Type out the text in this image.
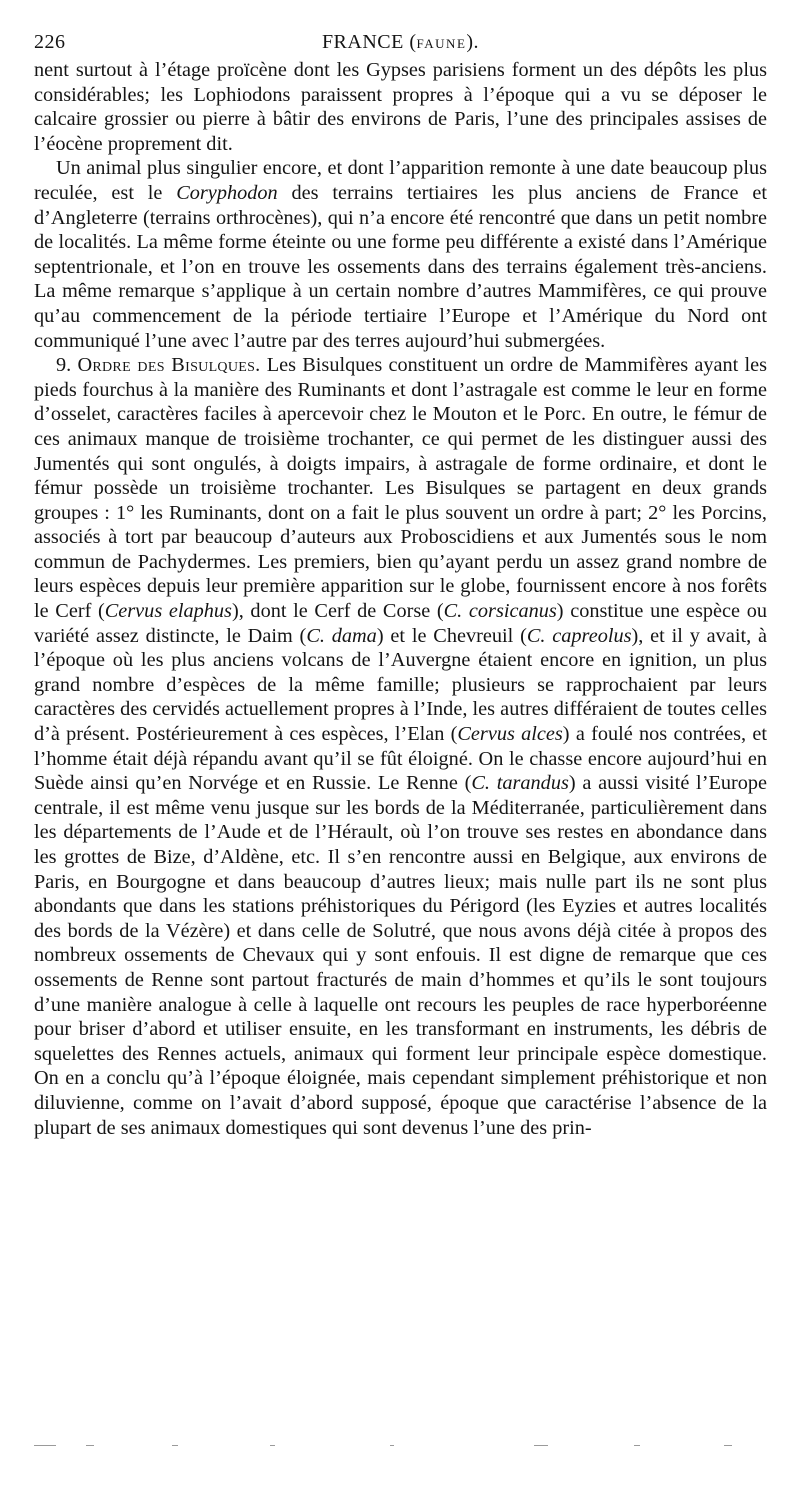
226	FRANCE (FAUNE).

nent surtout à l’étage proïcène dont les Gypses parisiens forment un des dépôts les plus considérables; les Lophiodons paraissent propres à l’époque qui a vu se déposer le calcaire grossier ou pierre à bâtir des environs de Paris, l’une des principales assises de l’éocène proprement dit.

Un animal plus singulier encore, et dont l’apparition remonte à une date beaucoup plus reculée, est le Coryphodon des terrains tertiaires les plus anciens de France et d’Angleterre (terrains orthrocènes), qui n’a encore été rencontré que dans un petit nombre de localités. La même forme éteinte ou une forme peu différente a existé dans l’Amérique septentrionale, et l’on en trouve les ossements dans des terrains également très-anciens. La même remarque s’applique à un certain nombre d’autres Mammifères, ce qui prouve qu’au commencement de la période tertiaire l’Europe et l’Amérique du Nord ont communiqué l’une avec l’autre par des terres aujourd’hui submergées.

9. Ordre des Bisulques. Les Bisulques constituent un ordre de Mammifères ayant les pieds fourchus à la manière des Ruminants et dont l’astragale est comme le leur en forme d’osselet, caractères faciles à apercevoir chez le Mouton et le Porc. En outre, le fémur de ces animaux manque de troisième trochanter, ce qui permet de les distinguer aussi des Jumentés qui sont ongulés, à doigts impairs, à astragale de forme ordinaire, et dont le fémur possède un troisième trochanter. Les Bisulques se partagent en deux grands groupes : 1° les Ruminants, dont on a fait le plus souvent un ordre à part; 2° les Porcins, associés à tort par beaucoup d’auteurs aux Proboscidiens et aux Jumentés sous le nom commun de Pachydermes. Les premiers, bien qu’ayant perdu un assez grand nombre de leurs espèces depuis leur première apparition sur le globe, fournissent encore à nos forêts le Cerf (Cervus elaphus), dont le Cerf de Corse (C. corsicanus) constitue une espèce ou variété assez distincte, le Daim (C. dama) et le Chevreuil (C. capreolus), et il y avait, à l’époque où les plus anciens volcans de l’Auvergne étaient encore en ignition, un plus grand nombre d’espèces de la même famille; plusieurs se rapprochaient par leurs caractères des cervidés actuellement propres à l’Inde, les autres différaient de toutes celles d’à présent. Postérieurement à ces espèces, l’Elan (Cervus alces) a foulé nos contrées, et l’homme était déjà répandu avant qu’il se fût éloigné. On le chasse encore aujourd’hui en Suède ainsi qu’en Norvége et en Russie. Le Renne (C. tarandus) a aussi visité l’Europe centrale, il est même venu jusque sur les bords de la Méditerranée, particulièrement dans les départements de l’Aude et de l’Hérault, où l’on trouve ses restes en abondance dans les grottes de Bize, d’Aldène, etc. Il s’en rencontre aussi en Belgique, aux environs de Paris, en Bourgogne et dans beaucoup d’autres lieux; mais nulle part ils ne sont plus abondants que dans les stations préhistoriques du Périgord (les Eyzies et autres localités des bords de la Vézère) et dans celle de Solutré, que nous avons déjà citée à propos des nombreux ossements de Chevaux qui y sont enfouis. Il est digne de remarque que ces ossements de Renne sont partout fracturés de main d’hommes et qu’ils le sont toujours d’une manière analogue à celle à laquelle ont recours les peuples de race hyperboréenne pour briser d’abord et utiliser ensuite, en les transformant en instruments, les débris de squelettes des Rennes actuels, animaux qui forment leur principale espèce domestique. On en a conclu qu’à l’époque éloignée, mais cependant simplement préhistorique et non diluvienne, comme on l’avait d’abord supposé, époque que caractérise l’absence de la plupart de ses animaux domestiques qui sont devenus l’une des prin-
